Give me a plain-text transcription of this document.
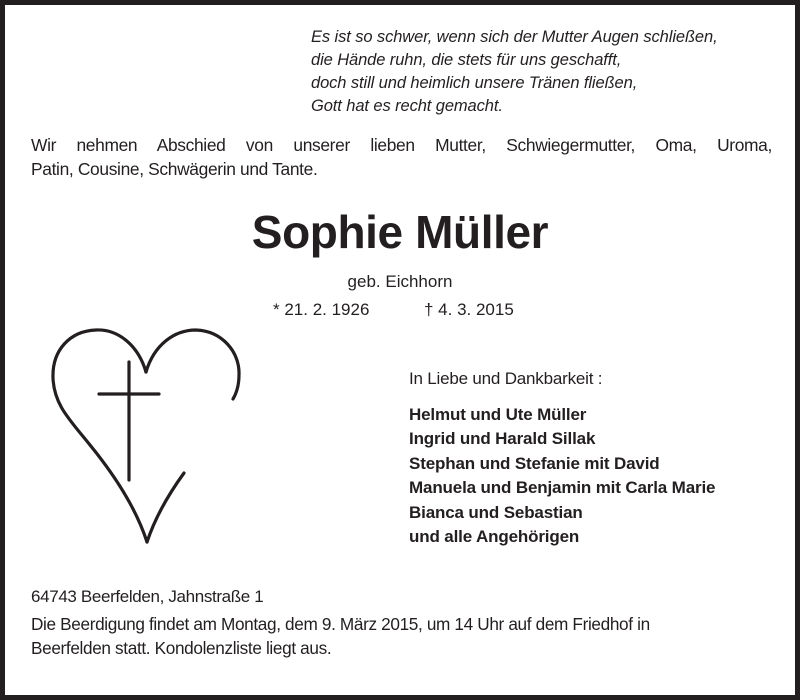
Es ist so schwer, wenn sich der Mutter Augen schließen,
die Hände ruhn, die stets für uns geschafft,
doch still und heimlich unsere Tränen fließen,
Gott hat es recht gemacht.
Wir nehmen Abschied von unserer lieben Mutter, Schwiegermutter, Oma, Uroma,
Patin, Cousine, Schwägerin und Tante.
Sophie Müller
geb. Eichhorn
* 21. 2. 1926	† 4. 3. 2015
In Liebe und Dankbarkeit :
Helmut und Ute Müller
Ingrid und Harald Sillak
Stephan und Stefanie mit David
Manuela und Benjamin mit Carla Marie
Bianca und Sebastian
und alle Angehörigen
64743 Beerfelden, Jahnstraße 1
Die Beerdigung findet am Montag, dem 9. März 2015, um 14 Uhr auf dem Friedhof in
Beerfelden statt. Kondolenzliste liegt aus.
